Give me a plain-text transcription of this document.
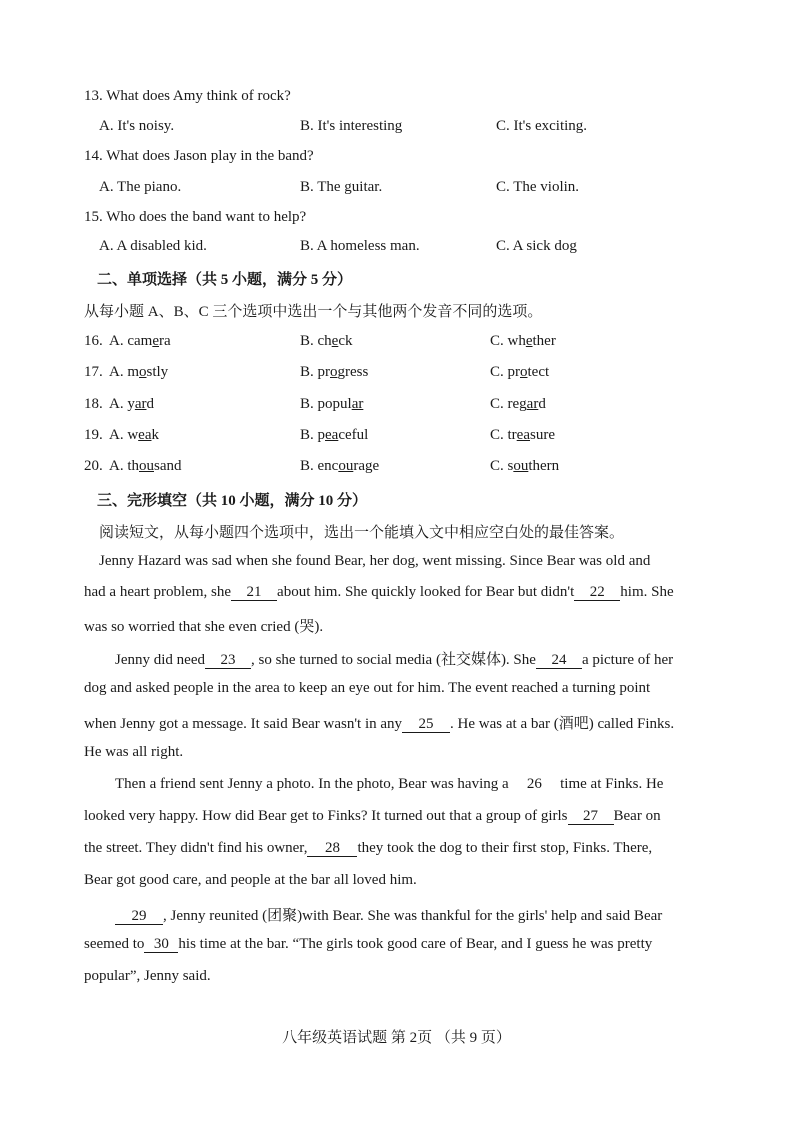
13. What does Amy think of rock?
A. It's noisy.	B. It's interesting	C. It's exciting.
14. What does Jason play in the band?
A. The piano.	B. The guitar.	C. The violin.
15. Who does the band want to help?
A. A disabled kid.	B. A homeless man.	C. A sick dog
二、单项选择（共 5 小题，满分 5 分）
从每小题 A、B、C 三个选项中选出一个与其他两个发音不同的选项。
16. A. camera	B. check	C. whether
17. A. mostly	B. progress	C. protect
18. A. yard	B. popular	C. regard
19. A. weak	B. peaceful	C. treasure
20. A. thousand	B. encourage	C. southern
三、完形填空（共 10 小题，满分 10 分）
阅读短文，从每小题四个选项中，选出一个能填入文中相应空白处的最佳答案。
Jenny Hazard was sad when she found Bear, her dog, went missing. Since Bear was old and
had a heart problem, she 21 about him. She quickly looked for Bear but didn't 22 him. She
was so worried that she even cried (哭).
Jenny did need 23 , so she turned to social media (社交媒体). She 24 a picture of her
dog and asked people in the area to keep an eye out for him. The event reached a turning point
when Jenny got a message. It said Bear wasn't in any 25 . He was at a bar (酒吧) called Finks.
He was all right.
Then a friend sent Jenny a photo. In the photo, Bear was having a 26 time at Finks. He
looked very happy. How did Bear get to Finks? It turned out that a group of girls 27 Bear on
the street. They didn't find his owner, 28 they took the dog to their first stop, Finks. There,
Bear got good care, and people at the bar all loved him.
29 , Jenny reunited (团聚)with Bear. She was thankful for the girls' help and said Bear
seemed to 30 his time at the bar. “The girls took good care of Bear, and I guess he was pretty
popular”, Jenny said.
八年级英语试题 第 2页 （共 9 页）
